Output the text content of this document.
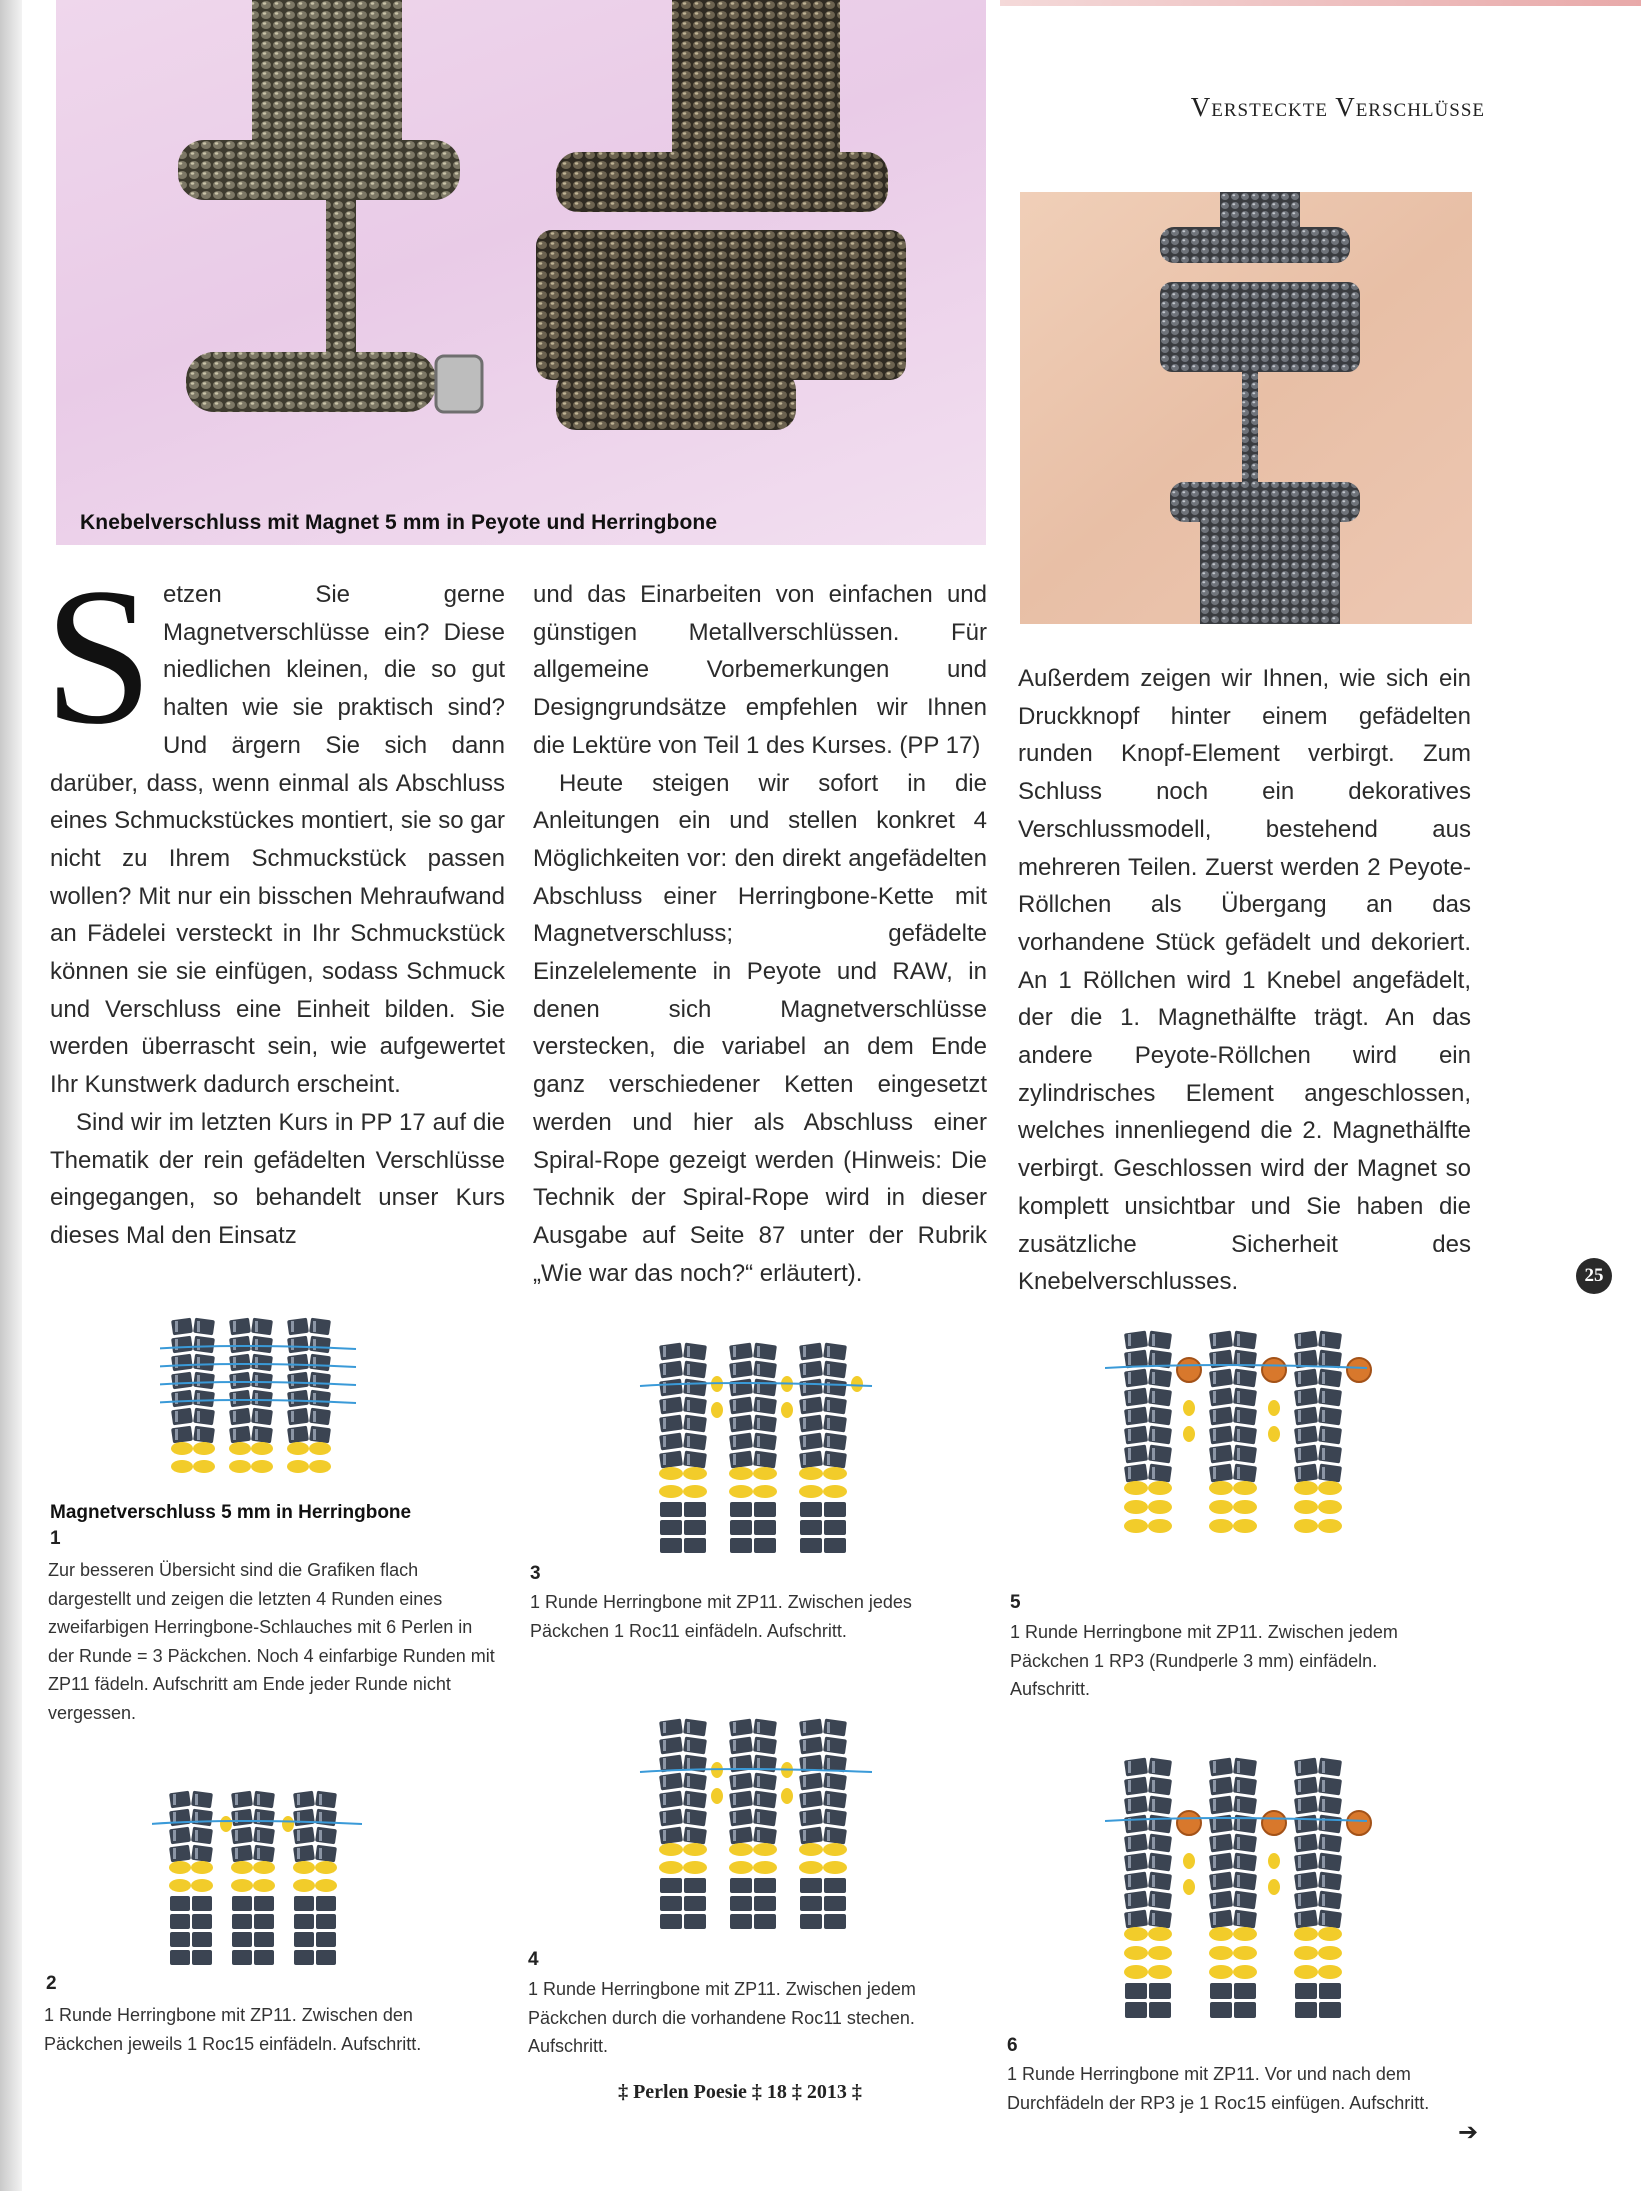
Knebelverschluss mit Magnet 5 mm in Peyote und Herringbone
Versteckte Verschlüsse

Setzen Sie gerne Magnetverschlüsse ein? Diese niedlichen kleinen, die so gut halten wie sie praktisch sind? Und ärgern Sie sich dann darüber, dass, wenn einmal als Abschluss eines Schmuckstückes montiert, sie so gar nicht zu Ihrem Schmuckstück passen wollen? Mit nur ein bisschen Mehraufwand an Fädelei versteckt in Ihr Schmuckstück können sie sie einfügen, sodass Schmuck und Verschluss eine Einheit bilden. Sie werden überrascht sein, wie aufgewertet Ihr Kunstwerk dadurch erscheint.

Sind wir im letzten Kurs in PP 17 auf die Thematik der rein gefädelten Verschlüsse eingegangen, so behandelt unser Kurs dieses Mal den Einsatz

und das Einarbeiten von einfachen und günstigen Metallverschlüssen. Für allgemeine Vorbemerkungen und Designgrundsätze empfehlen wir Ihnen die Lektüre von Teil 1 des Kurses. (PP 17)

Heute steigen wir sofort in die Anleitungen ein und stellen konkret 4 Möglichkeiten vor: den direkt angefädelten Abschluss einer Herringbone-Kette mit Magnetverschluss; gefädelte Einzelelemente in Peyote und RAW, in denen sich Magnetverschlüsse verstecken, die variabel an dem Ende ganz verschiedener Ketten eingesetzt werden und hier als Abschluss einer Spiral-Rope gezeigt werden (Hinweis: Die Technik der Spiral-Rope wird in dieser Ausgabe auf Seite 87 unter der Rubrik „Wie war das noch?“ erläutert).

Außerdem zeigen wir Ihnen, wie sich ein Druckknopf hinter einem gefädelten runden Knopf-Element verbirgt. Zum Schluss noch ein dekoratives Verschlussmodell, bestehend aus mehreren Teilen. Zuerst werden 2 Peyote-Röllchen als Übergang an das vorhandene Stück gefädelt und dekoriert. An 1 Röllchen wird 1 Knebel angefädelt, der die 1. Magnethälfte trägt. An das andere Peyote-Röllchen wird ein zylindrisches Element angeschlossen, welches innenliegend die 2. Magnethälfte verbirgt. Geschlossen wird der Magnet so komplett unsichtbar und Sie haben die zusätzliche Sicherheit des Knebelverschlusses.	25
Magnetverschluss 5 mm in Herringbone
1
Zur besseren Übersicht sind die Grafiken flach dargestellt und zeigen die letzten 4 Runden eines zweifarbigen Herringbone-Schlauches mit 6 Perlen in der Runde = 3 Päckchen. Noch 4 einfarbige Runden mit ZP11 fädeln. Aufschritt am Ende jeder Runde nicht vergessen.
2
1 Runde Herringbone mit ZP11. Zwischen den Päckchen jeweils 1 Roc15 einfädeln. Aufschritt.
3
1 Runde Herringbone mit ZP11. Zwischen jedes Päckchen 1 Roc11 einfädeln. Aufschritt.
4
1 Runde Herringbone mit ZP11. Zwischen jedem Päckchen durch die vorhandene Roc11 stechen. Aufschritt.
5
1 Runde Herringbone mit ZP11. Zwischen jedem Päckchen 1 RP3 (Rundperle 3 mm) einfädeln. Aufschritt.
6
1 Runde Herringbone mit ZP11. Vor und nach dem Durchfädeln der RP3 je 1 Roc15 einfügen. Aufschritt.
‡ Perlen Poesie ‡ 18 ‡ 2013 ‡
➔
